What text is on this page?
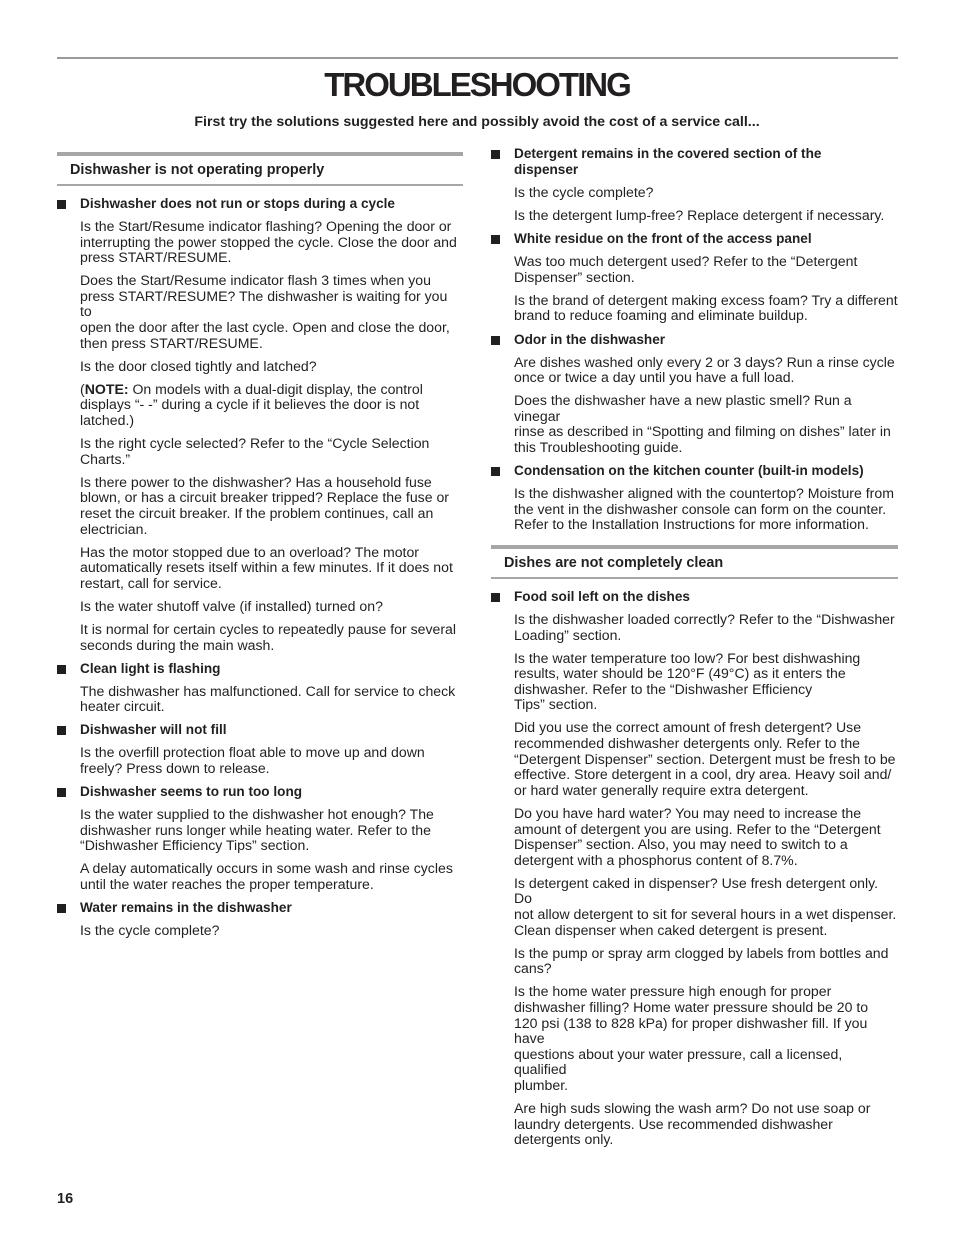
TROUBLESHOOTING

First try the solutions suggested here and possibly avoid the cost of a service call...

Dishwasher is not operating properly
Dishwasher does not run or stops during a cycle

Is the Start/Resume indicator flashing? Opening the door or
interrupting the power stopped the cycle. Close the door and
press START/RESUME.

Does the Start/Resume indicator flash 3 times when you
press START/RESUME? The dishwasher is waiting for you to
open the door after the last cycle. Open and close the door,
then press START/RESUME.

Is the door closed tightly and latched?

(NOTE: On models with a dual-digit display, the control
displays “- -” during a cycle if it believes the door is not
latched.)

Is the right cycle selected? Refer to the “Cycle Selection
Charts.”

Is there power to the dishwasher? Has a household fuse
blown, or has a circuit breaker tripped? Replace the fuse or
reset the circuit breaker. If the problem continues, call an
electrician.

Has the motor stopped due to an overload? The motor
automatically resets itself within a few minutes. If it does not
restart, call for service.

Is the water shutoff valve (if installed) turned on?

It is normal for certain cycles to repeatedly pause for several
seconds during the main wash.

Clean light is flashing

The dishwasher has malfunctioned. Call for service to check
heater circuit.

Dishwasher will not fill

Is the overfill protection float able to move up and down
freely? Press down to release.

Dishwasher seems to run too long

Is the water supplied to the dishwasher hot enough? The
dishwasher runs longer while heating water. Refer to the
“Dishwasher Efficiency Tips” section.

A delay automatically occurs in some wash and rinse cycles
until the water reaches the proper temperature.

Water remains in the dishwasher

Is the cycle complete?

Detergent remains in the covered section of the
dispenser

Is the cycle complete?

Is the detergent lump-free? Replace detergent if necessary.

White residue on the front of the access panel

Was too much detergent used? Refer to the “Detergent
Dispenser” section.

Is the brand of detergent making excess foam? Try a different
brand to reduce foaming and eliminate buildup.

Odor in the dishwasher

Are dishes washed only every 2 or 3 days? Run a rinse cycle
once or twice a day until you have a full load.

Does the dishwasher have a new plastic smell? Run a vinegar
rinse as described in “Spotting and filming on dishes” later in
this Troubleshooting guide.

Condensation on the kitchen counter (built-in models)

Is the dishwasher aligned with the countertop? Moisture from
the vent in the dishwasher console can form on the counter.
Refer to the Installation Instructions for more information.

Dishes are not completely clean
Food soil left on the dishes

Is the dishwasher loaded correctly? Refer to the “Dishwasher
Loading” section.

Is the water temperature too low? For best dishwashing
results, water should be 120°F (49°C) as it enters the
dishwasher. Refer to the “Dishwasher Efficiency
Tips” section.

Did you use the correct amount of fresh detergent? Use
recommended dishwasher detergents only. Refer to the
“Detergent Dispenser” section. Detergent must be fresh to be
effective. Store detergent in a cool, dry area. Heavy soil and/
or hard water generally require extra detergent.

Do you have hard water? You may need to increase the
amount of detergent you are using. Refer to the “Detergent
Dispenser” section. Also, you may need to switch to a
detergent with a phosphorus content of 8.7%.

Is detergent caked in dispenser? Use fresh detergent only. Do
not allow detergent to sit for several hours in a wet dispenser.
Clean dispenser when caked detergent is present.

Is the pump or spray arm clogged by labels from bottles and
cans?

Is the home water pressure high enough for proper
dishwasher filling? Home water pressure should be 20 to
120 psi (138 to 828 kPa) for proper dishwasher fill. If you have
questions about your water pressure, call a licensed, qualified
plumber.

Are high suds slowing the wash arm? Do not use soap or
laundry detergents. Use recommended dishwasher
detergents only.

16
